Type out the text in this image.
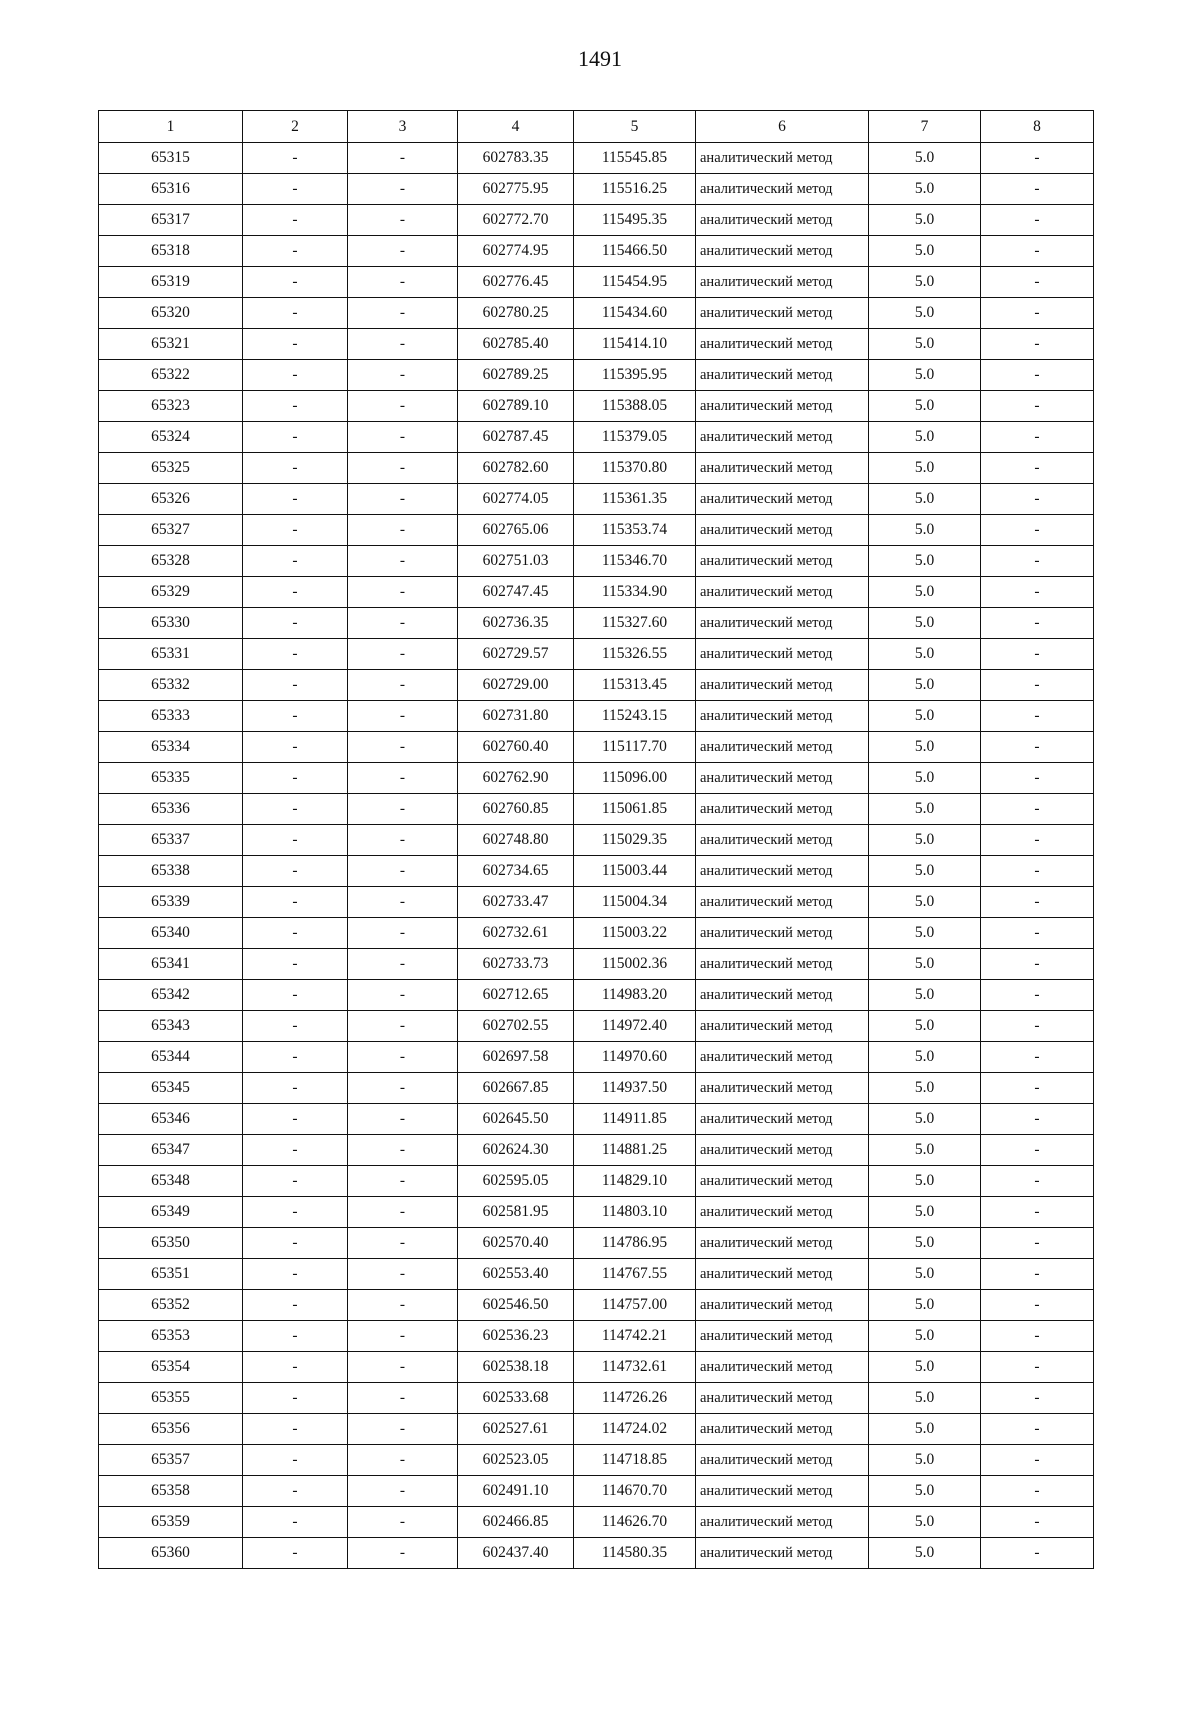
1491
1	2	3	4	5	6	7	8
65315	-	-	602783.35	115545.85	аналитический метод	5.0	-
65316	-	-	602775.95	115516.25	аналитический метод	5.0	-
65317	-	-	602772.70	115495.35	аналитический метод	5.0	-
65318	-	-	602774.95	115466.50	аналитический метод	5.0	-
65319	-	-	602776.45	115454.95	аналитический метод	5.0	-
65320	-	-	602780.25	115434.60	аналитический метод	5.0	-
65321	-	-	602785.40	115414.10	аналитический метод	5.0	-
65322	-	-	602789.25	115395.95	аналитический метод	5.0	-
65323	-	-	602789.10	115388.05	аналитический метод	5.0	-
65324	-	-	602787.45	115379.05	аналитический метод	5.0	-
65325	-	-	602782.60	115370.80	аналитический метод	5.0	-
65326	-	-	602774.05	115361.35	аналитический метод	5.0	-
65327	-	-	602765.06	115353.74	аналитический метод	5.0	-
65328	-	-	602751.03	115346.70	аналитический метод	5.0	-
65329	-	-	602747.45	115334.90	аналитический метод	5.0	-
65330	-	-	602736.35	115327.60	аналитический метод	5.0	-
65331	-	-	602729.57	115326.55	аналитический метод	5.0	-
65332	-	-	602729.00	115313.45	аналитический метод	5.0	-
65333	-	-	602731.80	115243.15	аналитический метод	5.0	-
65334	-	-	602760.40	115117.70	аналитический метод	5.0	-
65335	-	-	602762.90	115096.00	аналитический метод	5.0	-
65336	-	-	602760.85	115061.85	аналитический метод	5.0	-
65337	-	-	602748.80	115029.35	аналитический метод	5.0	-
65338	-	-	602734.65	115003.44	аналитический метод	5.0	-
65339	-	-	602733.47	115004.34	аналитический метод	5.0	-
65340	-	-	602732.61	115003.22	аналитический метод	5.0	-
65341	-	-	602733.73	115002.36	аналитический метод	5.0	-
65342	-	-	602712.65	114983.20	аналитический метод	5.0	-
65343	-	-	602702.55	114972.40	аналитический метод	5.0	-
65344	-	-	602697.58	114970.60	аналитический метод	5.0	-
65345	-	-	602667.85	114937.50	аналитический метод	5.0	-
65346	-	-	602645.50	114911.85	аналитический метод	5.0	-
65347	-	-	602624.30	114881.25	аналитический метод	5.0	-
65348	-	-	602595.05	114829.10	аналитический метод	5.0	-
65349	-	-	602581.95	114803.10	аналитический метод	5.0	-
65350	-	-	602570.40	114786.95	аналитический метод	5.0	-
65351	-	-	602553.40	114767.55	аналитический метод	5.0	-
65352	-	-	602546.50	114757.00	аналитический метод	5.0	-
65353	-	-	602536.23	114742.21	аналитический метод	5.0	-
65354	-	-	602538.18	114732.61	аналитический метод	5.0	-
65355	-	-	602533.68	114726.26	аналитический метод	5.0	-
65356	-	-	602527.61	114724.02	аналитический метод	5.0	-
65357	-	-	602523.05	114718.85	аналитический метод	5.0	-
65358	-	-	602491.10	114670.70	аналитический метод	5.0	-
65359	-	-	602466.85	114626.70	аналитический метод	5.0	-
65360	-	-	602437.40	114580.35	аналитический метод	5.0	-
